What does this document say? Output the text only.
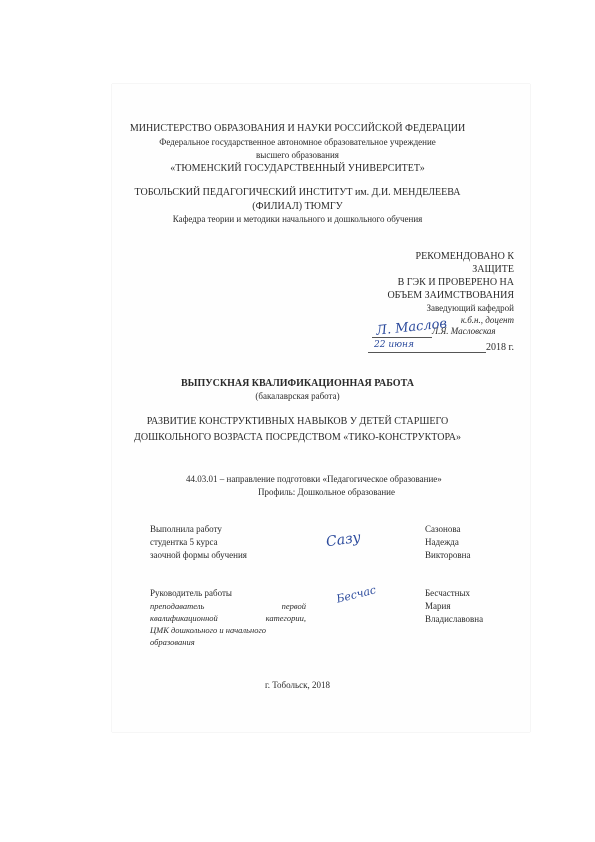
МИНИСТЕРСТВО ОБРАЗОВАНИЯ И НАУКИ РОССИЙСКОЙ ФЕДЕРАЦИИ
Федеральное государственное автономное образовательное учреждение
высшего образования
«ТЮМЕНСКИЙ ГОСУДАРСТВЕННЫЙ УНИВЕРСИТЕТ»
ТОБОЛЬСКИЙ ПЕДАГОГИЧЕСКИЙ ИНСТИТУТ им. Д.И. МЕНДЕЛЕЕВА
(ФИЛИАЛ) ТЮМГУ
Кафедра теории и методики начального и дошкольного обучения
РЕКОМЕНДОВАНО К
ЗАЩИТЕ
В ГЭК И ПРОВЕРЕНО НА
ОБЪЕМ ЗАИМСТВОВАНИЯ
Заведующий кафедрой
к.б.н., доцент
Л.Я. Масловская
Л. Маслов
22 июня	2018 г.
ВЫПУСКНАЯ КВАЛИФИКАЦИОННАЯ РАБОТА
(бакалаврская работа)
РАЗВИТИЕ КОНСТРУКТИВНЫХ НАВЫКОВ У ДЕТЕЙ СТАРШЕГО
ДОШКОЛЬНОГО ВОЗРАСТА ПОСРЕДСТВОМ «ТИКО-КОНСТРУКТОРА»
44.03.01 – направление подготовки «Педагогическое образование»
Профиль: Дошкольное образование
Выполнила работу
студентка 5 курса
заочной формы обучения
Сазу
Сазонова
Надежда
Викторовна
Руководитель работы
преподаватель	первой
квалификационной	категории,
ЦМК дошкольного и начального
образования
Бесчас	Бесчастных
Мария
Владиславовна
г. Тобольск, 2018
